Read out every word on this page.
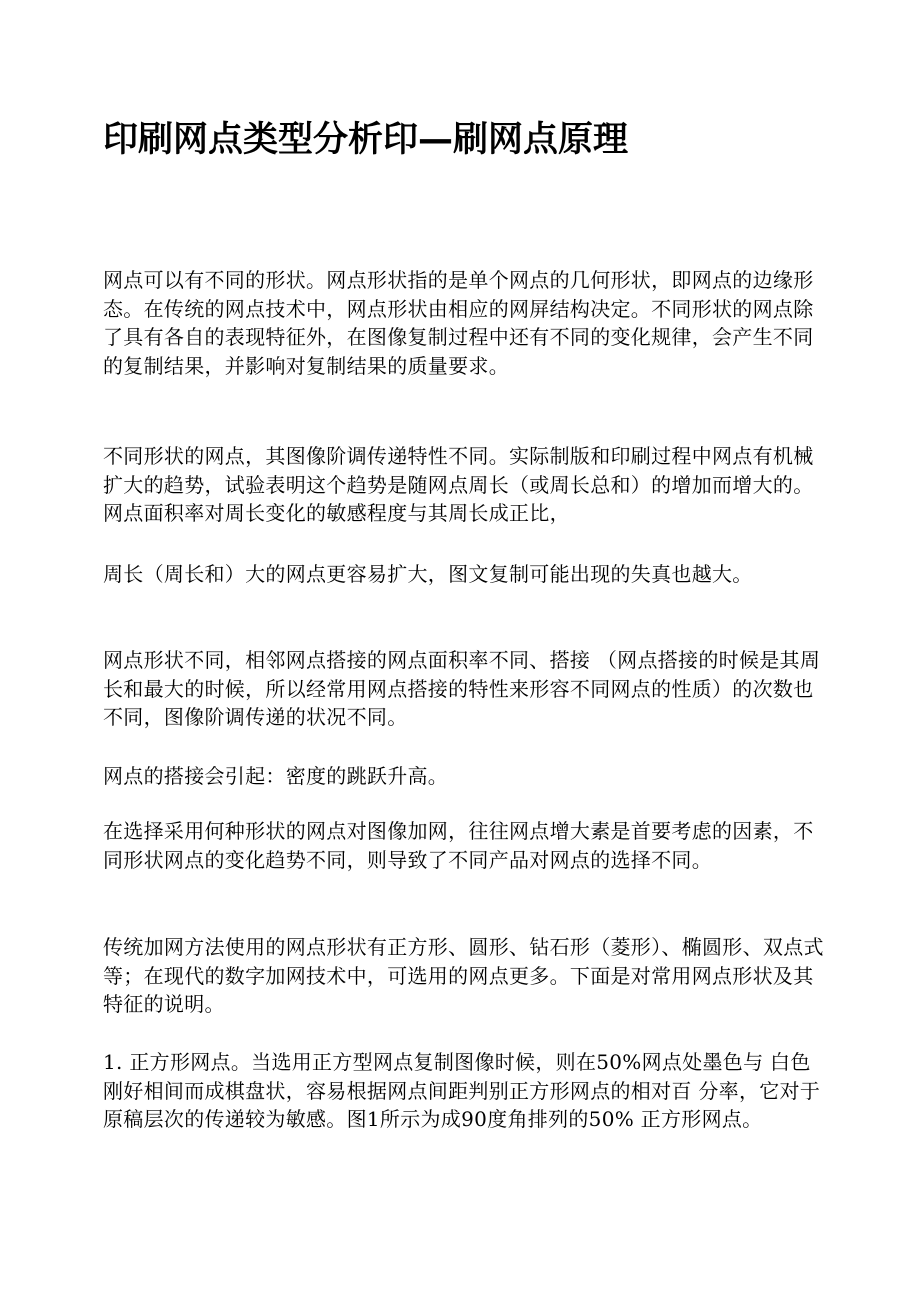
印刷网点类型分析印—刷网点原理

网点可以有不同的形状。网点形状指的是单个网点的几何形状，即网点的边缘形态。在传统的网点技术中，网点形状由相应的网屏结构决定。不同形状的网点除了具有各自的表现特征外，在图像复制过程中还有不同的变化规律，会产生不同的复制结果，并影响对复制结果的质量要求。

不同形状的网点，其图像阶调传递特性不同。实际制版和印刷过程中网点有机械扩大的趋势，试验表明这个趋势是随网点周长（或周长总和）的增加而增大的。网点面积率对周长变化的敏感程度与其周长成正比，

周长（周长和）大的网点更容易扩大，图文复制可能出现的失真也越大。

网点形状不同，相邻网点搭接的网点面积率不同、搭接 （网点搭接的时候是其周长和最大的时候，所以经常用网点搭接的特性来形容不同网点的性质）的次数也不同，图像阶调传递的状况不同。

网点的搭接会引起：密度的跳跃升高。

在选择采用何种形状的网点对图像加网，往往网点增大素是首要考虑的因素，不同形状网点的变化趋势不同，则导致了不同产品对网点的选择不同。

传统加网方法使用的网点形状有正方形、圆形、钻石形（菱形）、椭圆形、双点式等；在现代的数字加网技术中，可选用的网点更多。下面是对常用网点形状及其特征的说明。

1. 正方形网点。当选用正方型网点复制图像时候，则在50%网点处墨色与 白色刚好相间而成棋盘状，容易根据网点间距判别正方形网点的相对百 分率，它对于原稿层次的传递较为敏感。图1所示为成90度角排列的50% 正方形网点。
